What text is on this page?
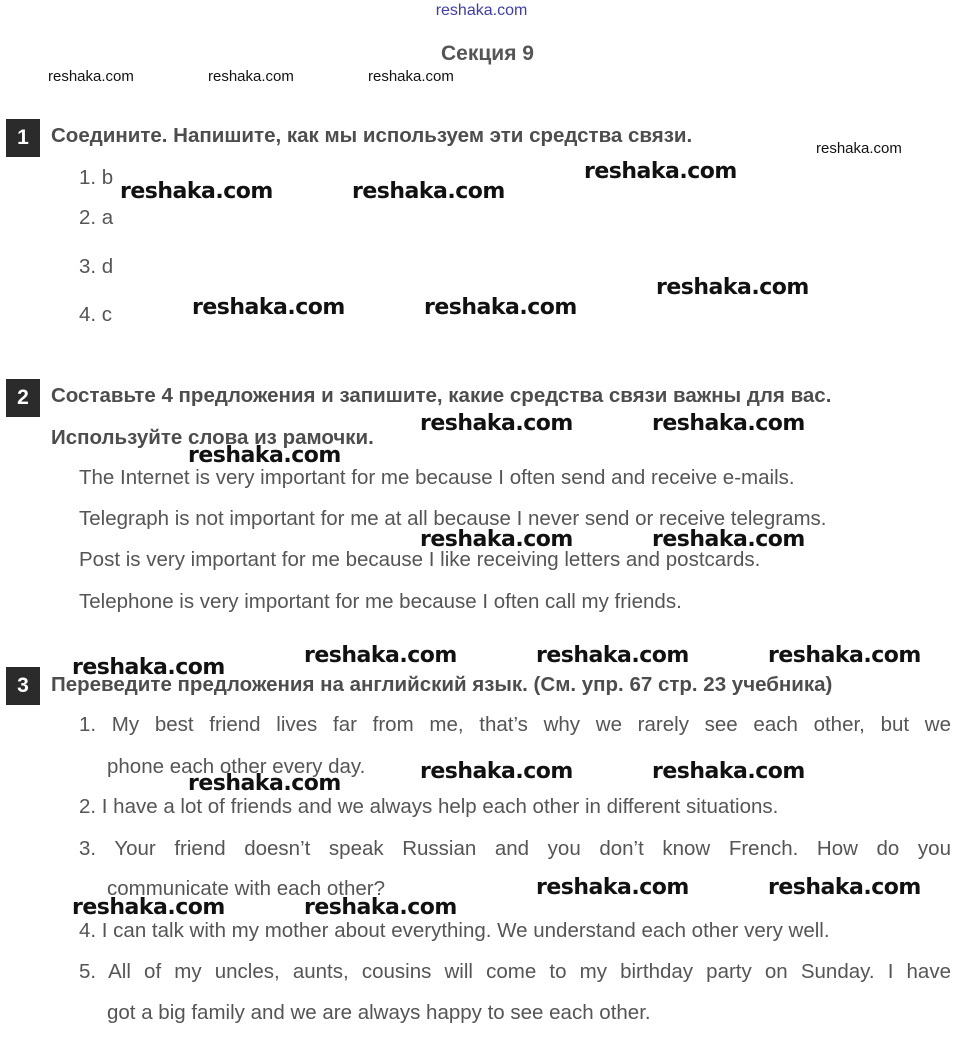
reshaka.com
Секция 9
reshaka.com	reshaka.com	reshaka.com
1	Соедините. Напишите, как мы используем эти средства связи.
reshaka.com
1. b
2. a
3. d
4. c
reshaka.com	reshaka.com
reshaka.com
reshaka.com	reshaka.com
reshaka.com
2	Составьте 4 предложения и запишите, какие средства связи важны для вас.
Используйте слова из рамочки.
The Internet is very important for me because I often send and receive e-mails.
Telegraph is not important for me at all because I never send or receive telegrams.
Post is very important for me because I like receiving letters and postcards.
Telephone is very important for me because I often call my friends.
reshaka.com	reshaka.com
reshaka.com
reshaka.com	reshaka.com
reshaka.com	reshaka.com	reshaka.com	reshaka.com
3	Переведите предложения на английский язык. (См. упр. 67 стр. 23 учебника)
1. My best friend lives far from me, that’s why we rarely see each other, but we
phone each other every day.
2. I have a lot of friends and we always help each other in different situations.
3. Your friend doesn’t speak Russian and you don’t know French. How do you
communicate with each other?
4. I can talk with my mother about everything. We understand each other very well.
5. All of my uncles, aunts, cousins will come to my birthday party on Sunday. I have
got a big family and we are always happy to see each other.
reshaka.com	reshaka.com	reshaka.com
reshaka.com	reshaka.com
reshaka.com	reshaka.com
